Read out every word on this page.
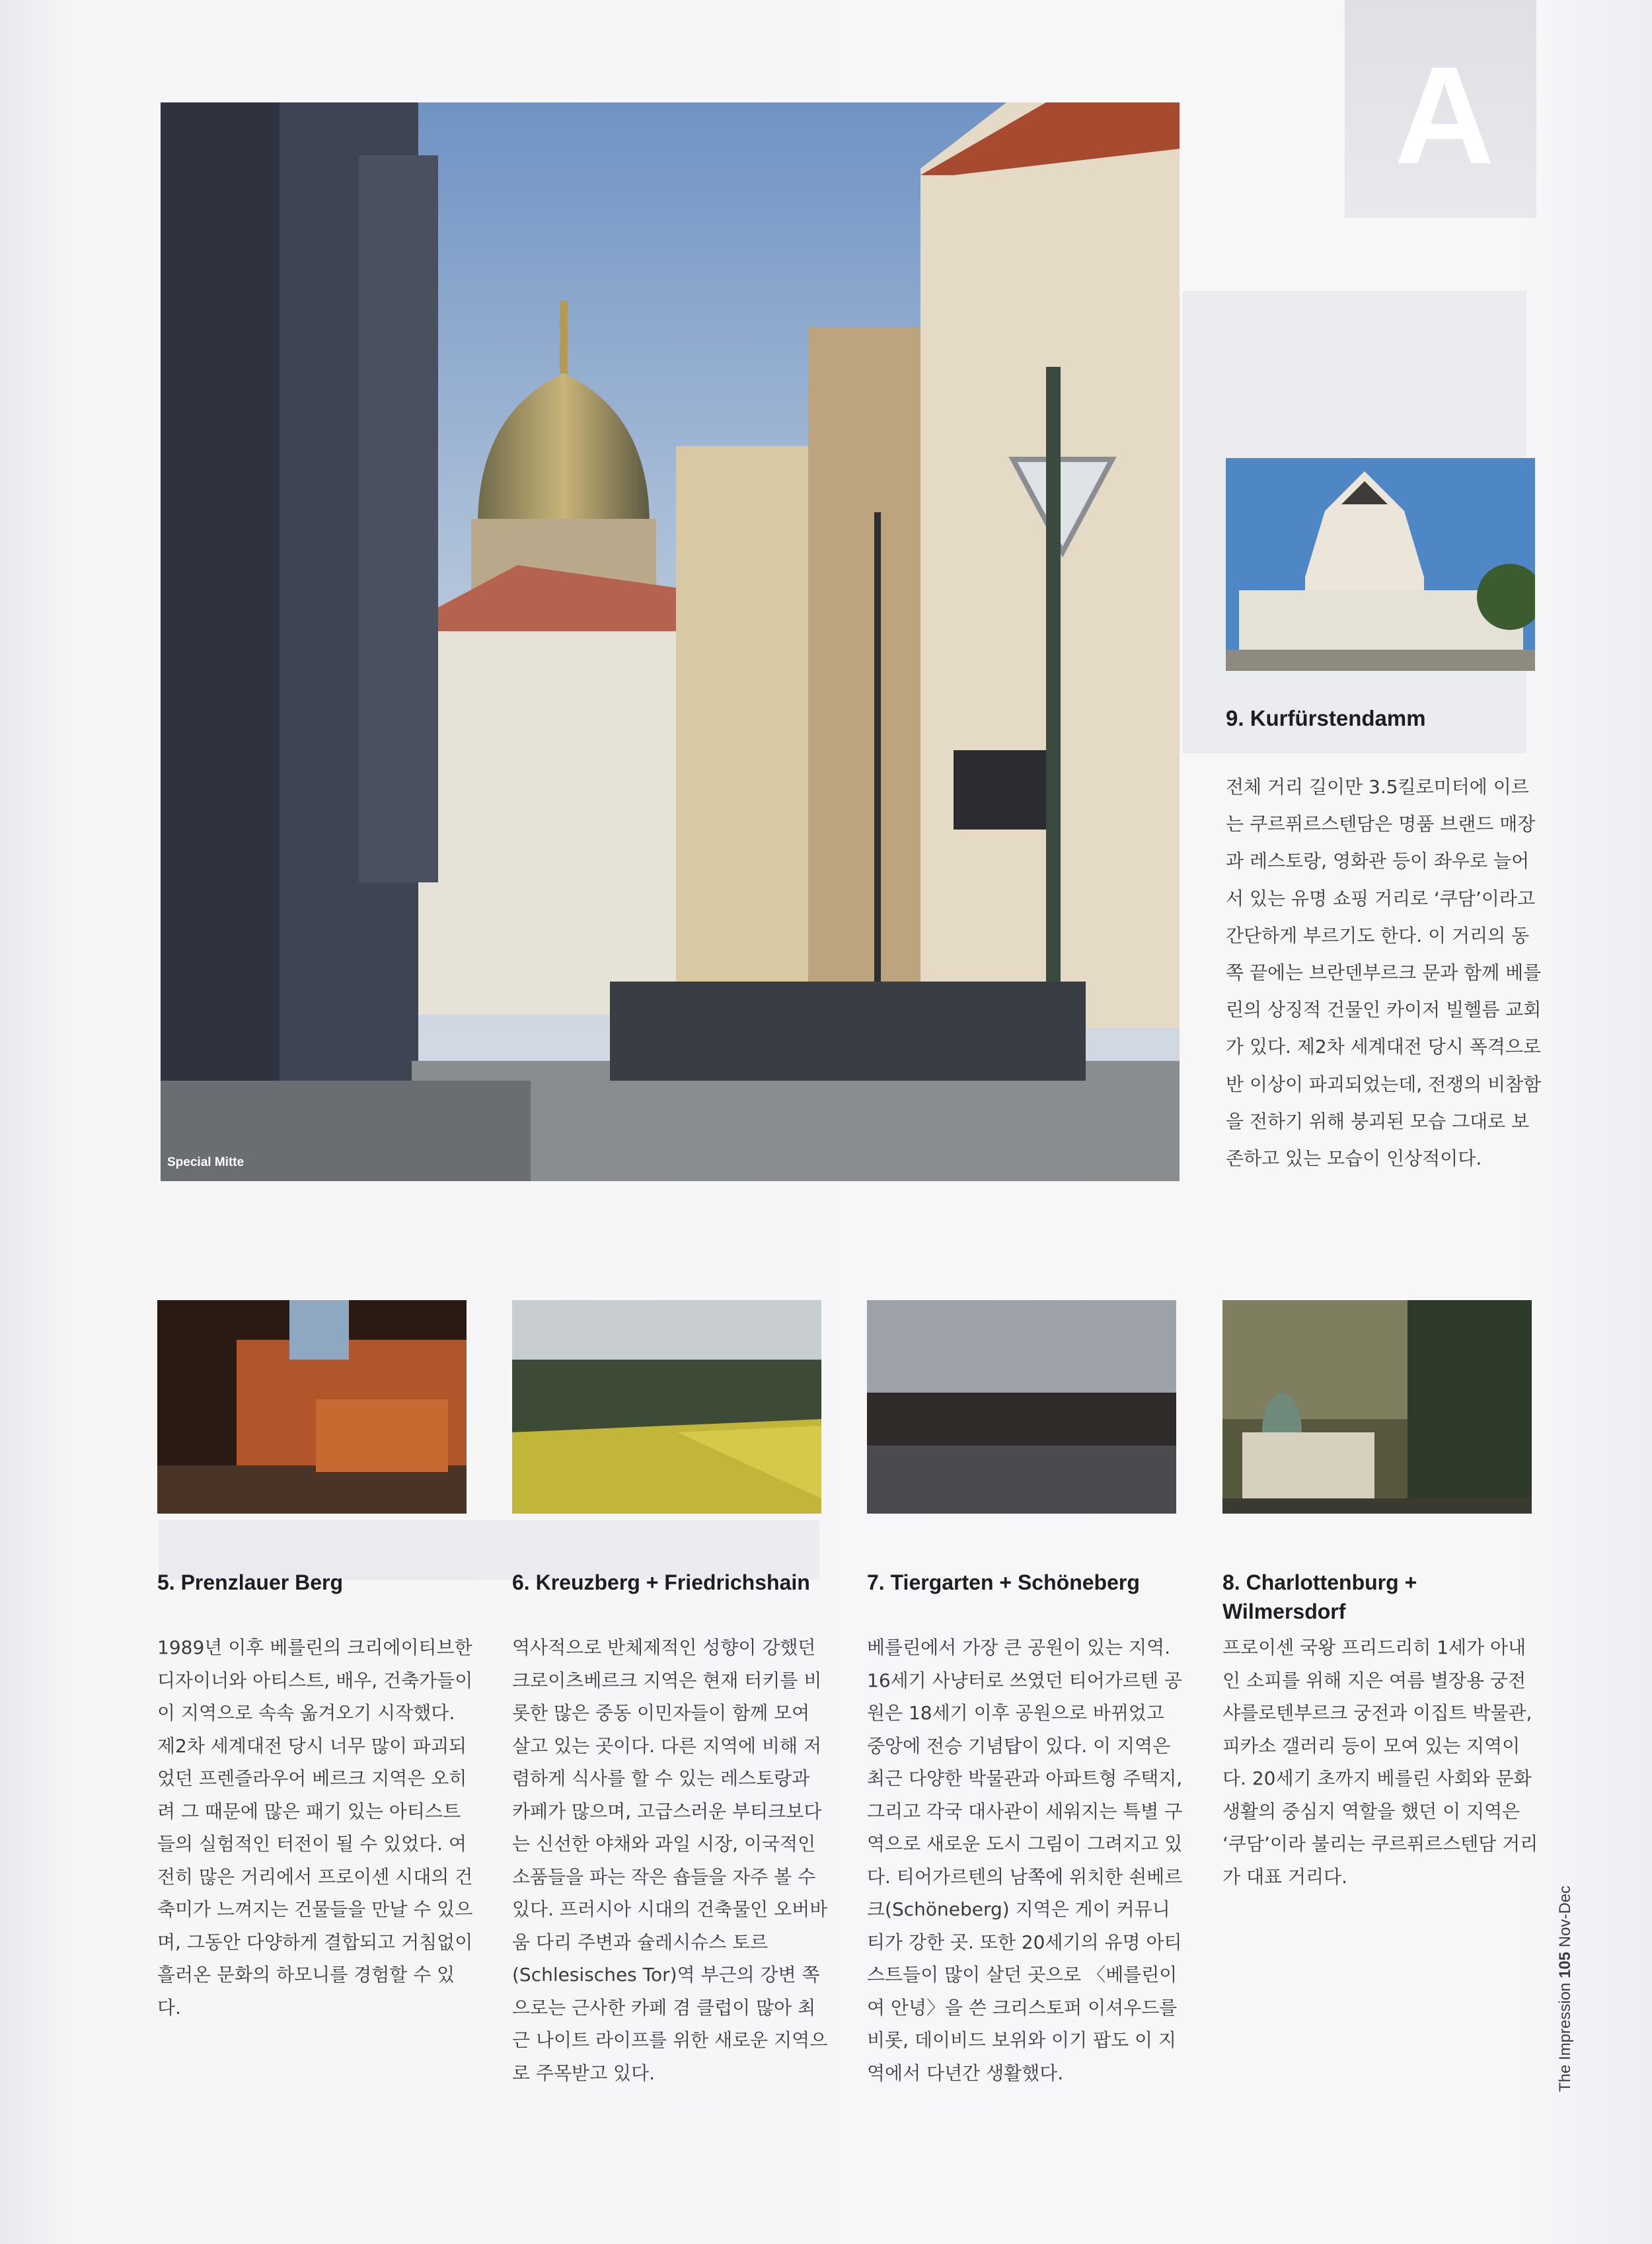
A
Special Mitte
9. Kurfürstendamm
전체 거리 길이만 3.5킬로미터에 이르는 쿠르퓌르스텐담은 명품 브랜드 매장과 레스토랑, 영화관 등이 좌우로 늘어서 있는 유명 쇼핑 거리로 ‘쿠담’이라고 간단하게 부르기도 한다. 이 거리의 동쪽 끝에는 브란덴부르크 문과 함께 베를린의 상징적 건물인 카이저 빌헬름 교회가 있다. 제2차 세계대전 당시 폭격으로 반 이상이 파괴되었는데, 전쟁의 비참함을 전하기 위해 붕괴된 모습 그대로 보존하고 있는 모습이 인상적이다.
5. Prenzlauer Berg
1989년 이후 베를린의 크리에이티브한 디자이너와 아티스트, 배우, 건축가들이 이 지역으로 속속 옮겨오기 시작했다. 제2차 세계대전 당시 너무 많이 파괴되었던 프렌즐라우어 베르크 지역은 오히려 그 때문에 많은 패기 있는 아티스트들의 실험적인 터전이 될 수 있었다. 여전히 많은 거리에서 프로이센 시대의 건축미가 느껴지는 건물들을 만날 수 있으며, 그동안 다양하게 결합되고 거침없이 흘러온 문화의 하모니를 경험할 수 있다.
6. Kreuzberg + Friedrichshain
역사적으로 반체제적인 성향이 강했던 크로이츠베르크 지역은 현재 터키를 비롯한 많은 중동 이민자들이 함께 모여 살고 있는 곳이다. 다른 지역에 비해 저렴하게 식사를 할 수 있는 레스토랑과 카페가 많으며, 고급스러운 부티크보다는 신선한 야채와 과일 시장, 이국적인 소품들을 파는 작은 숍들을 자주 볼 수 있다. 프러시아 시대의 건축물인 오버바움 다리 주변과 슐레시슈스 토르(Schlesisches Tor)역 부근의 강변 쪽으로는 근사한 카페 겸 클럽이 많아 최근 나이트 라이프를 위한 새로운 지역으로 주목받고 있다.
7. Tiergarten + Schöneberg
베를린에서 가장 큰 공원이 있는 지역. 16세기 사냥터로 쓰였던 티어가르텐 공원은 18세기 이후 공원으로 바뀌었고 중앙에 전승 기념탑이 있다. 이 지역은 최근 다양한 박물관과 아파트형 주택지, 그리고 각국 대사관이 세워지는 특별 구역으로 새로운 도시 그림이 그려지고 있다. 티어가르텐의 남쪽에 위치한 쇤베르크(Schöneberg) 지역은 게이 커뮤니티가 강한 곳. 또한 20세기의 유명 아티스트들이 많이 살던 곳으로 〈베를린이여 안녕〉을 쓴 크리스토퍼 이셔우드를 비롯, 데이비드 보위와 이기 팝도 이 지역에서 다년간 생활했다.
8. Charlottenburg + Wilmersdorf
프로이센 국왕 프리드리히 1세가 아내인 소피를 위해 지은 여름 별장용 궁전 샤를로텐부르크 궁전과 이집트 박물관, 피카소 갤러리 등이 모여 있는 지역이다. 20세기 초까지 베를린 사회와 문화 생활의 중심지 역할을 했던 이 지역은 ‘쿠담’이라 불리는 쿠르퓌르스텐담 거리가 대표 거리다.
The Impression 105 Nov-Dec
